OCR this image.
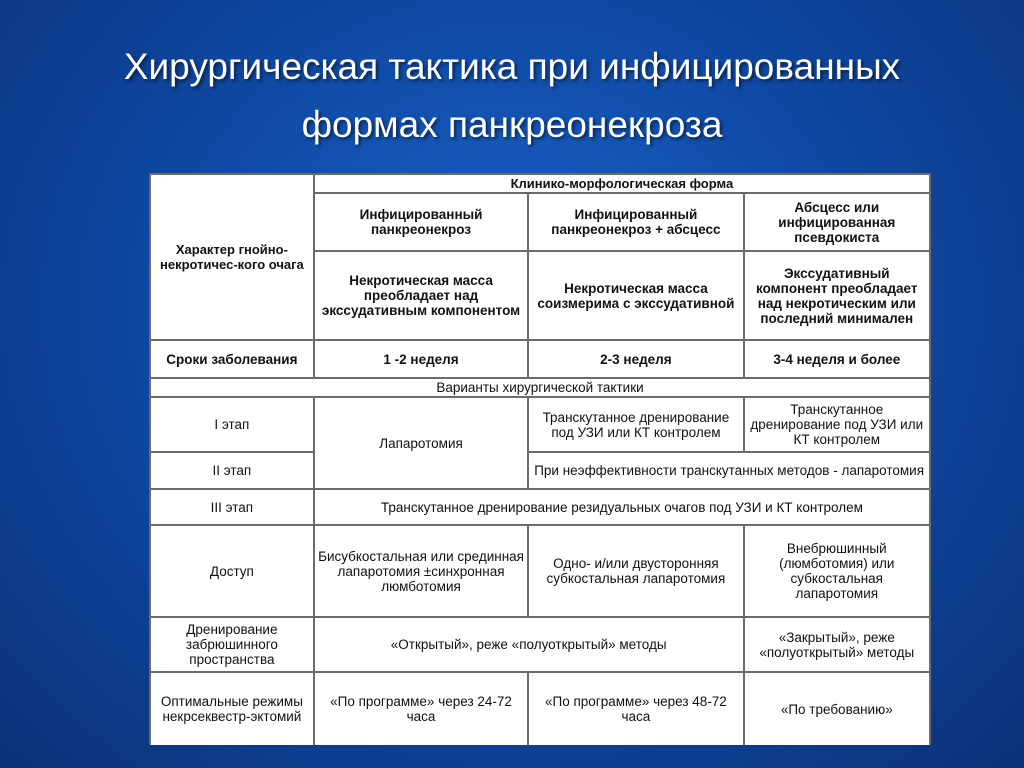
Хирургическая тактика при инфицированных
формах панкреонекроза
Характер гнойно-некротичес-кого очага	Клинико-морфологическая форма		
	Инфицированный панкреонекроз	Инфицированный панкреонекроз + абсцесс	Абсцесс или инфицированная псевдокиста
	Некротическая масса преобладает над экссудативным компонентом	Некротическая масса соизмерима с экссудативной	Экссудативный компонент преобладает над некротическим или последний минимален
Сроки заболевания	1 -2 неделя	2-3 неделя	3-4 неделя и более
Варианты хирургической тактики			
I этап	Лапаротомия	Транскутанное дренирование под УЗИ или КТ контролем	Транскутанное дренирование под УЗИ или КТ контролем
II этап		При неэффективности транскутанных методов - лапаротомия	
III этап	Транскутанное дренирование резидуальных очагов под УЗИ и КТ контролем		
Доступ	Бисубкостальная или срединная лапаротомия ±синхронная люмботомия	Одно- и/или двусторонняя субкостальная лапаротомия	Внебрюшинный (люмботомия) или субкостальная лапаротомия
Дренирование забрюшинного пространства	«Открытый», реже «полуоткрытый» методы		«Закрытый», реже «полуоткрытый» методы
Оптимальные режимы некрсеквестр-эктомий	«По программе» через 24-72 часа	«По программе» через 48-72 часа	«По требованию»
